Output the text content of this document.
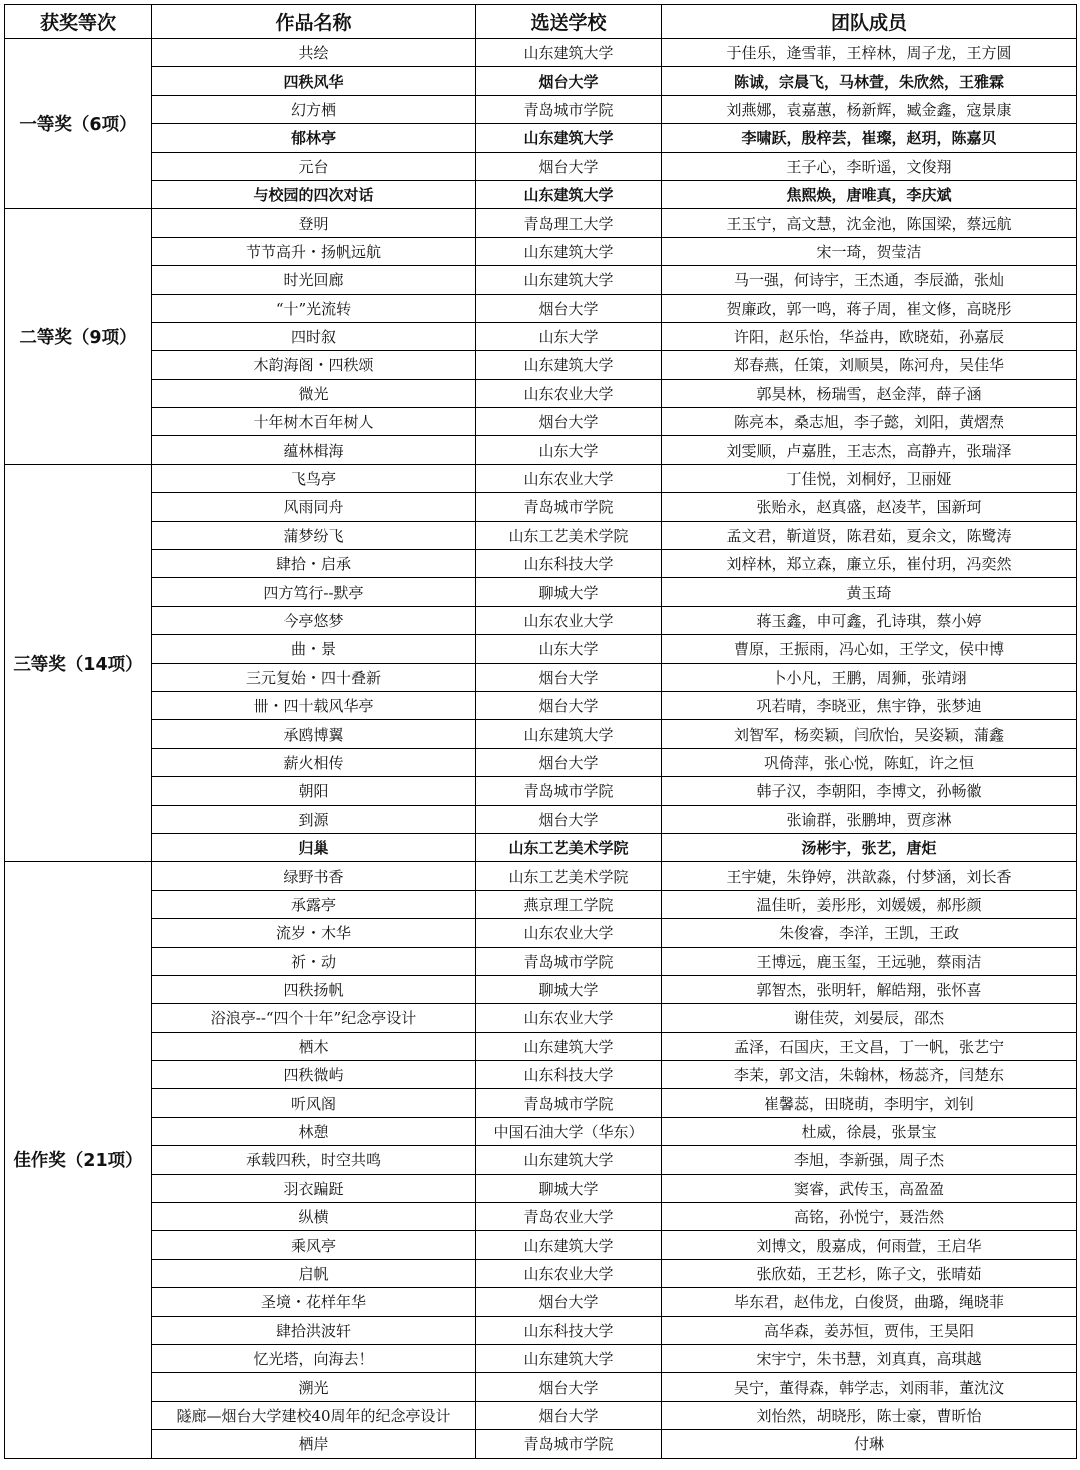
获奖等次	作品名称	选送学校	团队成员
一等奖（6项）	共绘	山东建筑大学	于佳乐，逄雪菲，王梓林，周子龙，王方圆
	四秩风华	烟台大学	陈诚，宗晨飞，马林萱，朱欣然，王雅霖
	幻方栖	青岛城市学院	刘燕娜，袁嘉蕙，杨新辉，臧金鑫，寇景康
	郁林亭	山东建筑大学	李啸跃，殷梓芸，崔璨，赵玥，陈嘉贝
	元台	烟台大学	王子心，李昕遥，文俊翔
	与校园的四次对话	山东建筑大学	焦熙焕，唐唯真，李庆斌
二等奖（9项）	登明	青岛理工大学	王玉宁，高文慧，沈金池，陈国梁，蔡远航
	节节高升・扬帆远航	山东建筑大学	宋一琦，贺莹洁
	时光回廊	山东建筑大学	马一强，何诗宇，王杰通，李辰澔，张灿
	“十”光流转	烟台大学	贺廉政，郭一鸣，蒋子周，崔文修，高晓彤
	四时叙	山东大学	许阳，赵乐怡，华益冉，欧晓茹，孙嘉辰
	木韵海阁・四秩颂	山东建筑大学	郑春燕，任策，刘顺昊，陈河舟，吴佳华
	微光	山东农业大学	郭昊林，杨瑞雪，赵金萍，薛子涵
	十年树木百年树人	烟台大学	陈亮本，桑志旭，李子懿，刘阳，黄熠焘
	蕴林楫海	山东大学	刘雯顺，卢嘉胜，王志杰，高静卉，张瑞泽
三等奖（14项）	飞鸟亭	山东农业大学	丁佳悦，刘桐妤，卫丽娅
	风雨同舟	青岛城市学院	张贻永，赵真盛，赵凌芊，国新珂
	蒲梦纷飞	山东工艺美术学院	孟文君，靳道贤，陈君茹，夏余文，陈鹭涛
	肆拾・启承	山东科技大学	刘梓林，郑立森，廉立乐，崔付玥，冯奕然
	四方笃行--默亭	聊城大学	黄玉琦
	今亭悠梦	山东农业大学	蒋玉鑫，申可鑫，孔诗琪，蔡小婷
	曲・景	山东大学	曹原，王振雨，冯心如，王学文，侯中博
	三元复始・四十叠新	烟台大学	卜小凡，王鹏，周狮，张靖翊
	卌・四十载风华亭	烟台大学	巩若晴，李晓亚，焦宇铮，张梦迪
	承鸥博翼	山东建筑大学	刘智军，杨奕颖，闫欣怡，吴姿颖，蒲鑫
	薪火相传	烟台大学	巩倚萍，张心悦，陈虹，许之恒
	朝阳	青岛城市学院	韩子汉，李朝阳，李博文，孙畅徽
	到源	烟台大学	张谕群，张鹏坤，贾彦淋
	归巢	山东工艺美术学院	汤彬宇，张艺，唐炬
佳作奖（21项）	绿野书香	山东工艺美术学院	王宇婕，朱铮婷，洪歆淼，付梦涵，刘长香
	承露亭	燕京理工学院	温佳昕，姜彤彤，刘媛媛，郝彤颜
	流岁・木华	山东农业大学	朱俊睿，李洋，王凯，王政
	祈・动	青岛城市学院	王博远，鹿玉玺，王远驰，蔡雨洁
	四秩扬帆	聊城大学	郭智杰，张明轩，解皓翔，张怀喜
	浴浪亭--“四个十年”纪念亭设计	山东农业大学	谢佳荧，刘晏辰，邵杰
	栖木	山东建筑大学	孟泽，石国庆，王文昌，丁一帆，张艺宁
	四秩微屿	山东科技大学	李茉，郭文洁，朱翰林，杨蕊齐，闫楚东
	听风阁	青岛城市学院	崔馨蕊，田晓萌，李明宇，刘钊
	林憩	中国石油大学（华东）	杜威，徐晨，张景宝
	承载四秩，时空共鸣	山东建筑大学	李旭，李新强，周子杰
	羽衣蹁跹	聊城大学	窦睿，武传玉，高盈盈
	纵横	青岛农业大学	高铭，孙悦宁，聂浩然
	乘风亭	山东建筑大学	刘博文，殷嘉成，何雨萱，王启华
	启帆	山东农业大学	张欣茹，王艺杉，陈子文，张晴茹
	圣境・花样年华	烟台大学	毕东君，赵伟龙，白俊贤，曲璐，绳晓菲
	肆拾洪波轩	山东科技大学	高华森，姜苏恒，贾伟，王昊阳
	忆光塔，向海去！	山东建筑大学	宋宇宁，朱书慧，刘真真，高琪越
	溯光	烟台大学	吴宁，董得森，韩学志，刘雨菲，董沈汶
	隧廊—烟台大学建校40周年的纪念亭设计	烟台大学	刘怡然，胡晓彤，陈士豪，曹昕怡
	栖岸	青岛城市学院	付琳
